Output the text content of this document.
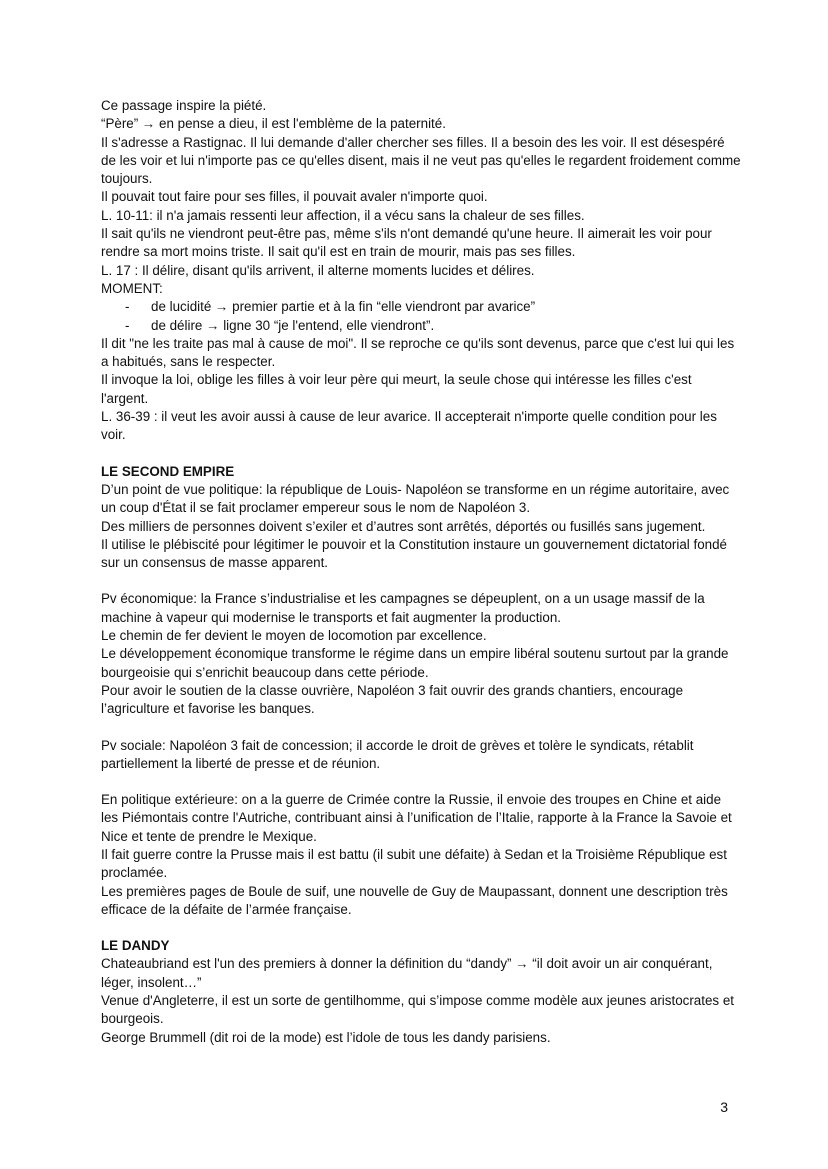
Ce passage inspire la piété.

“Père” → en pense a dieu, il est l'emblème de la paternité.

Il s'adresse a Rastignac. Il lui demande d'aller chercher ses filles. Il a besoin des les voir. Il est désespéré de les voir et lui n'importe pas ce qu'elles disent, mais il ne veut pas qu'elles le regardent froidement comme toujours.

Il pouvait tout faire pour ses filles, il pouvait avaler n'importe quoi.

L. 10-11: il n'a jamais ressenti leur affection, il a vécu sans la chaleur de ses filles.

Il sait qu'ils ne viendront peut-être pas, même s'ils n'ont demandé qu'une heure. Il aimerait les voir pour rendre sa mort moins triste. Il sait qu'il est en train de mourir, mais pas ses filles.

L. 17 : Il délire, disant qu'ils arrivent, il alterne moments lucides et délires.

MOMENT:

- de lucidité → premier partie et à la fin “elle viendront par avarice”
- de délire → ligne 30 “je l'entend, elle viendront”.

Il dit "ne les traite pas mal à cause de moi". Il se reproche ce qu'ils sont devenus, parce que c'est lui qui les a habitués, sans le respecter.

Il invoque la loi, oblige les filles à voir leur père qui meurt, la seule chose qui intéresse les filles c'est l'argent.

L. 36-39 : il veut les avoir aussi à cause de leur avarice. Il accepterait n'importe quelle condition pour les voir.

LE SECOND EMPIRE

D’un point de vue politique: la république de Louis- Napoléon se transforme en un régime autoritaire, avec un coup d'État il se fait proclamer empereur sous le nom de Napoléon 3.

Des milliers de personnes doivent s’exiler et d’autres sont arrêtés, déportés ou fusillés sans jugement.

Il utilise le plébiscité pour légitimer le pouvoir et la Constitution instaure un gouvernement dictatorial fondé sur un consensus de masse apparent.

Pv économique: la France s’industrialise et les campagnes se dépeuplent, on a un usage massif de la machine à vapeur qui modernise le transports et fait augmenter la production.

Le chemin de fer devient le moyen de locomotion par excellence.

Le développement économique transforme le régime dans un empire libéral soutenu surtout par la grande bourgeoisie qui s’enrichit beaucoup dans cette période.

Pour avoir le soutien de la classe ouvrière, Napoléon 3 fait ouvrir des grands chantiers, encourage l’agriculture et favorise les banques.

Pv sociale: Napoléon 3 fait de concession; il accorde le droit de grèves et tolère le syndicats, rétablit partiellement la liberté de presse et de réunion.

En politique extérieure: on a la guerre de Crimée contre la Russie, il envoie des troupes en Chine et aide les Piémontais contre l'Autriche, contribuant ainsi à l’unification de l’Italie, rapporte à la France la Savoie et Nice et tente de prendre le Mexique.

Il fait guerre contre la Prusse mais il est battu (il subit une défaite) à Sedan et la Troisième République est proclamée.

Les premières pages de Boule de suif, une nouvelle de Guy de Maupassant, donnent une description très efficace de la défaite de l’armée française.

LE DANDY

Chateaubriand est l'un des premiers à donner la définition du “dandy” → “il doit avoir un air conquérant, léger, insolent…”

Venue d'Angleterre, il est un sorte de gentilhomme, qui s’impose comme modèle aux jeunes aristocrates et bourgeois.

George Brummell (dit roi de la mode) est l’idole de tous les dandy parisiens.

3
